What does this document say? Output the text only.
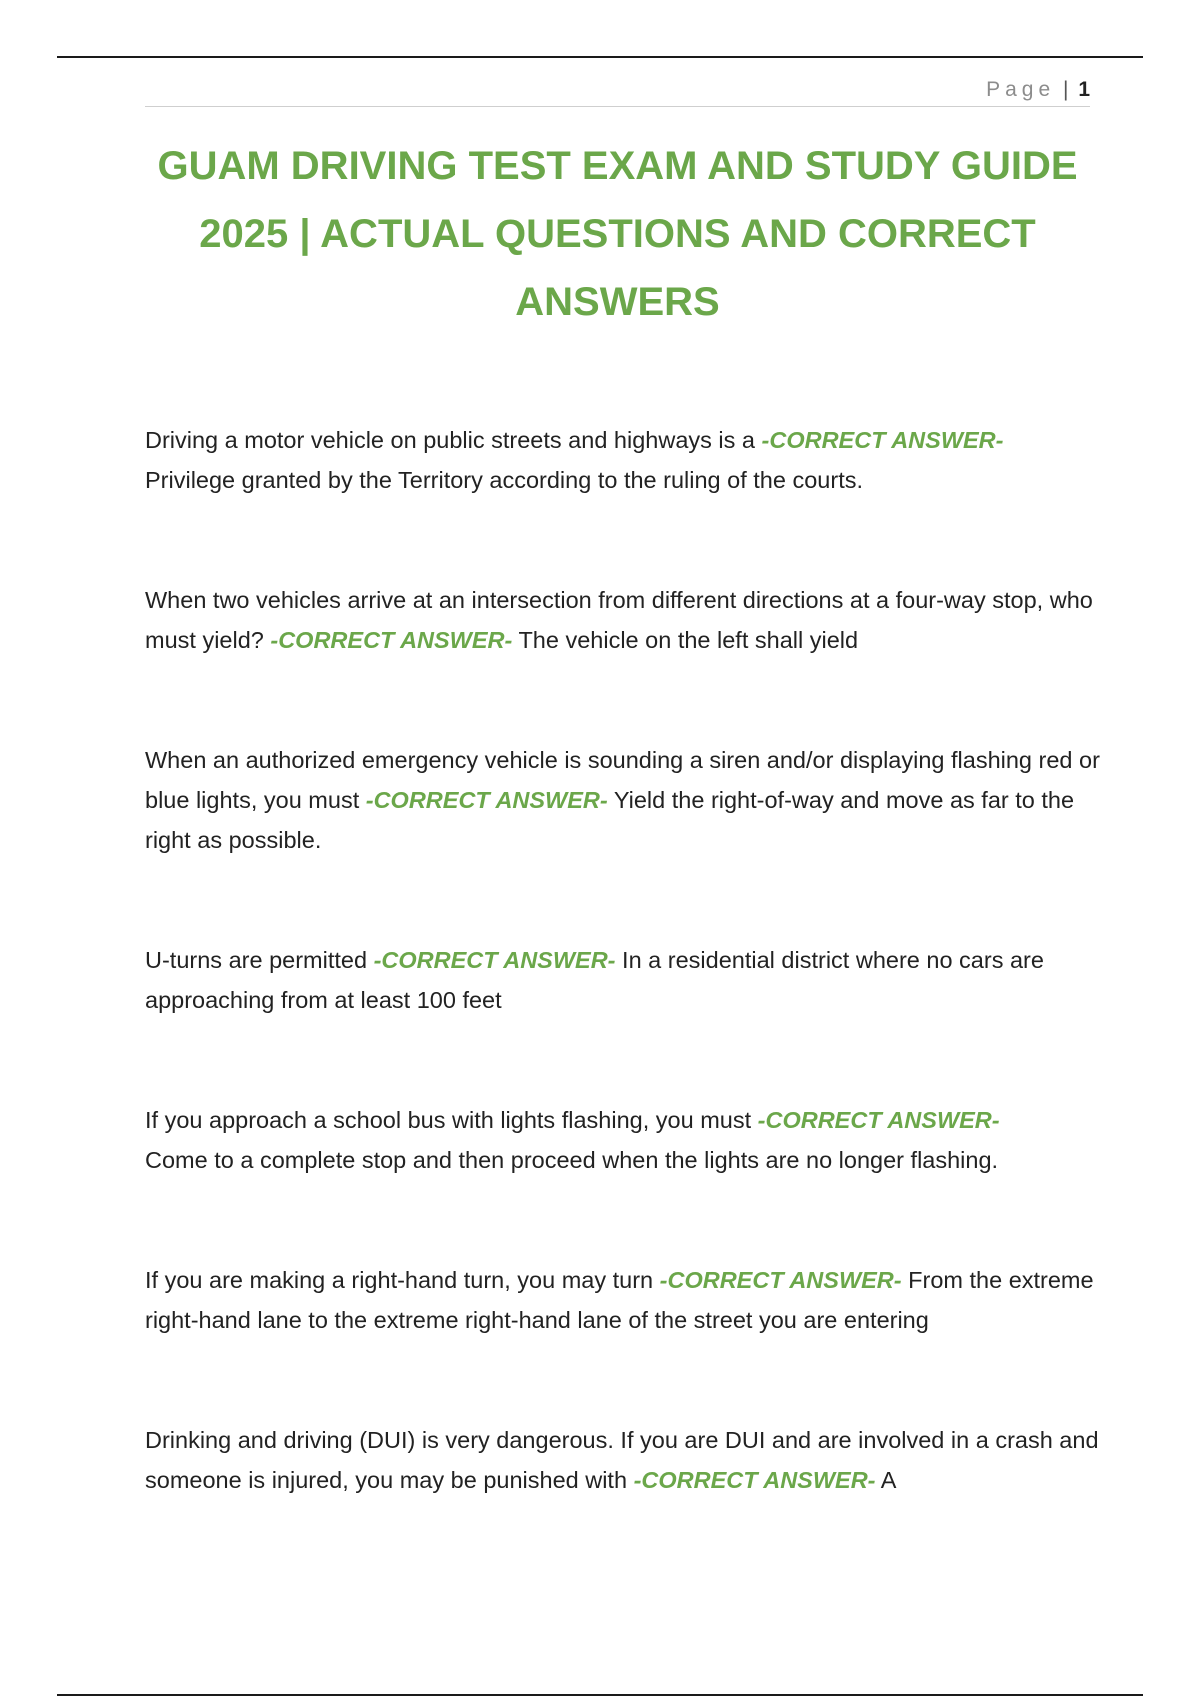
Page | 1
GUAM DRIVING TEST EXAM AND STUDY GUIDE 2025 | ACTUAL QUESTIONS AND CORRECT ANSWERS

Driving a motor vehicle on public streets and highways is a -CORRECT ANSWER-
Privilege granted by the Territory according to the ruling of the courts.

When two vehicles arrive at an intersection from different directions at a four-way stop, who must yield? -CORRECT ANSWER- The vehicle on the left shall yield

When an authorized emergency vehicle is sounding a siren and/or displaying flashing red or blue lights, you must -CORRECT ANSWER- Yield the right-of-way and move as far to the right as possible.

U-turns are permitted -CORRECT ANSWER- In a residential district where no cars are approaching from at least 100 feet

If you approach a school bus with lights flashing, you must -CORRECT ANSWER-
Come to a complete stop and then proceed when the lights are no longer flashing.

If you are making a right-hand turn, you may turn -CORRECT ANSWER- From the extreme right-hand lane to the extreme right-hand lane of the street you are entering

Drinking and driving (DUI) is very dangerous. If you are DUI and are involved in a crash and someone is injured, you may be punished with -CORRECT ANSWER- A
